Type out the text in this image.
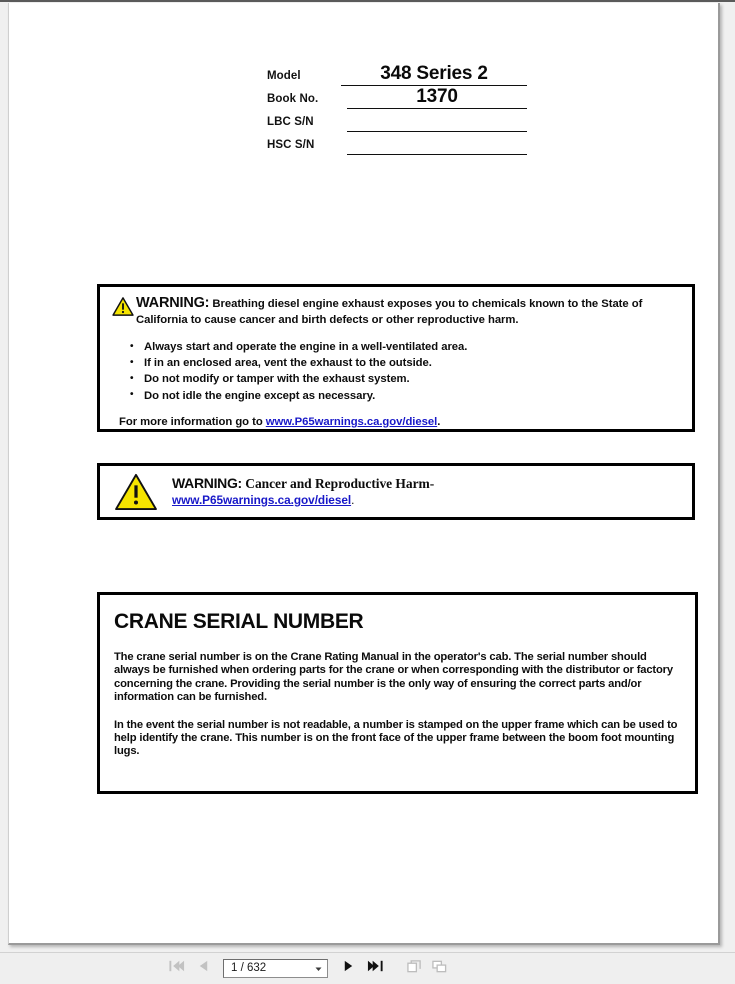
Model	348 Series 2
Book No.	1370
LBC S/N
HSC S/N
WARNING: Breathing diesel engine exhaust exposes you to chemicals known to the State of California to cause cancer and birth defects or other reproductive harm.
• Always start and operate the engine in a well-ventilated area.
• If in an enclosed area, vent the exhaust to the outside.
• Do not modify or tamper with the exhaust system.
• Do not idle the engine except as necessary.
For more information go to www.P65warnings.ca.gov/diesel.
WARNING: Cancer and Reproductive Harm-
www.P65warnings.ca.gov/diesel.
CRANE SERIAL NUMBER

The crane serial number is on the Crane Rating Manual in the operator's cab. The serial number should always be furnished when ordering parts for the crane or when corresponding with the distributor or factory concerning the crane. Providing the serial number is the only way of ensuring the correct parts and/or information can be furnished.

In the event the serial number is not readable, a number is stamped on the upper frame which can be used to help identify the crane. This number is on the front face of the upper frame between the boom foot mounting lugs.

1 / 632
